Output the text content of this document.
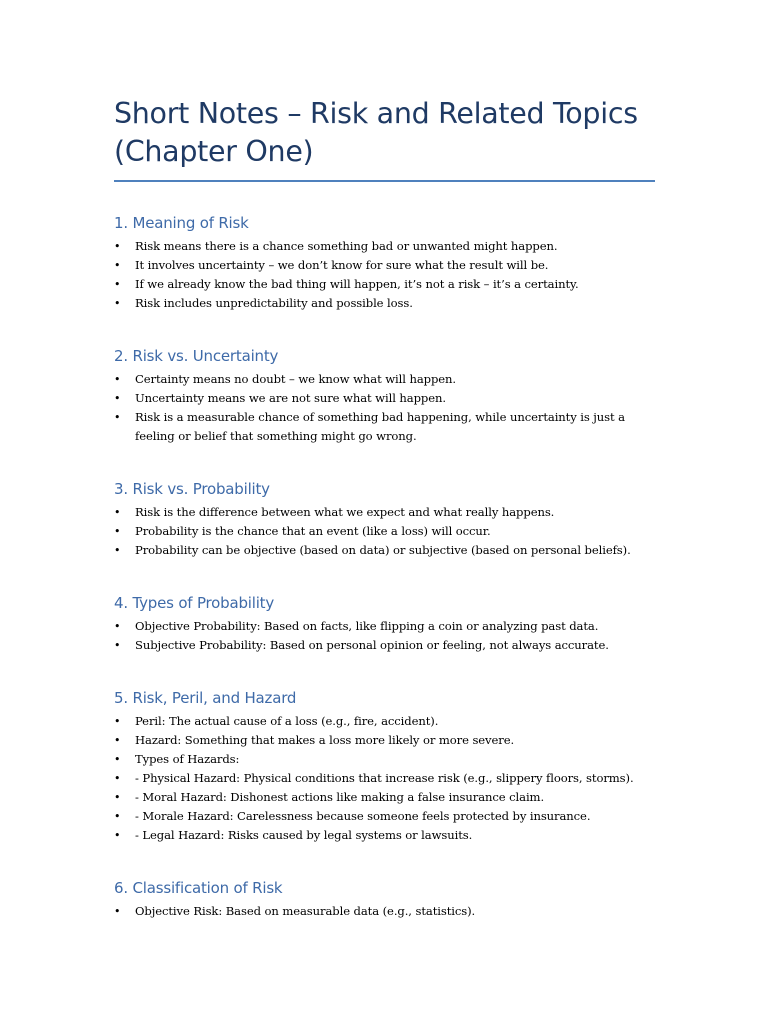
Short Notes – Risk and Related Topics
(Chapter One)
1. Meaning of Risk
• Risk means there is a chance something bad or unwanted might happen.
• It involves uncertainty – we don’t know for sure what the result will be.
• If we already know the bad thing will happen, it’s not a risk – it’s a certainty.
• Risk includes unpredictability and possible loss.
2. Risk vs. Uncertainty
• Certainty means no doubt – we know what will happen.
• Uncertainty means we are not sure what will happen.
• Risk is a measurable chance of something bad happening, while uncertainty is just a feeling or belief that something might go wrong.
3. Risk vs. Probability
• Risk is the difference between what we expect and what really happens.
• Probability is the chance that an event (like a loss) will occur.
• Probability can be objective (based on data) or subjective (based on personal beliefs).
4. Types of Probability
• Objective Probability: Based on facts, like flipping a coin or analyzing past data.
• Subjective Probability: Based on personal opinion or feeling, not always accurate.
5. Risk, Peril, and Hazard
• Peril: The actual cause of a loss (e.g., fire, accident).
• Hazard: Something that makes a loss more likely or more severe.
• Types of Hazards:
• - Physical Hazard: Physical conditions that increase risk (e.g., slippery floors, storms).
• - Moral Hazard: Dishonest actions like making a false insurance claim.
• - Morale Hazard: Carelessness because someone feels protected by insurance.
• - Legal Hazard: Risks caused by legal systems or lawsuits.
6. Classification of Risk
• Objective Risk: Based on measurable data (e.g., statistics).
